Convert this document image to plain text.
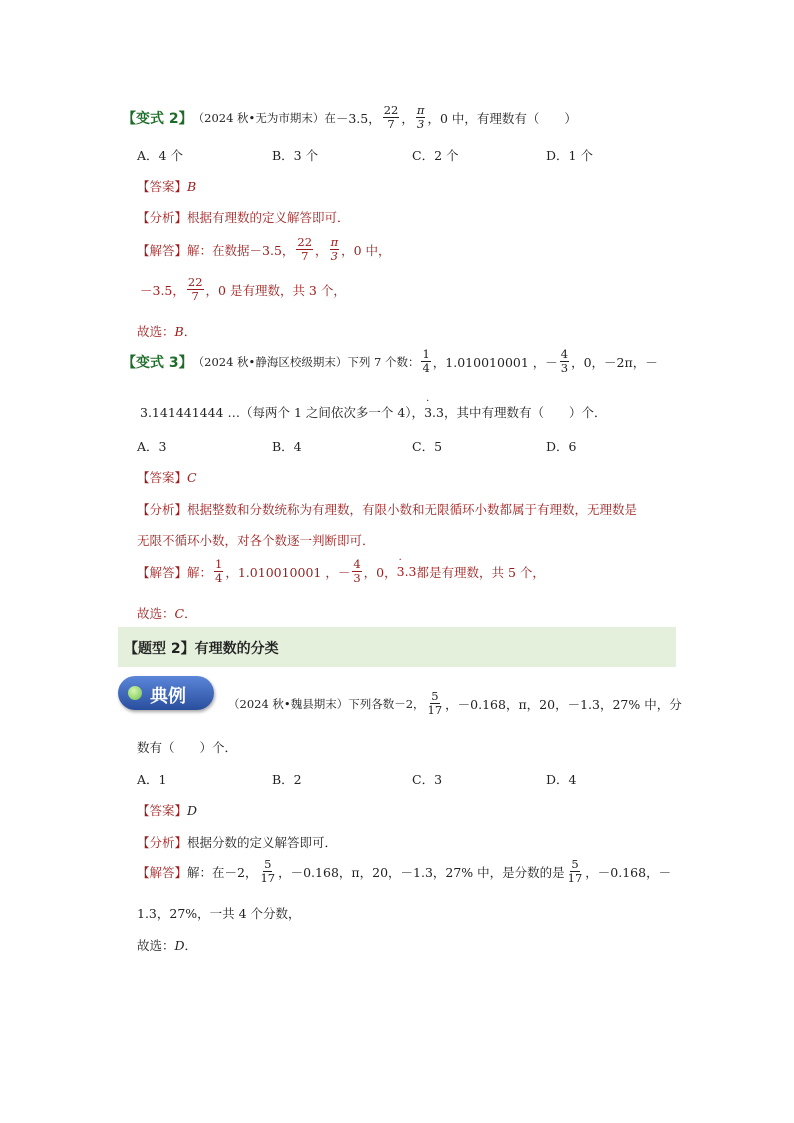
【变式 2】 （2024 秋•无为市期末）在 －3.5， $\frac{22}{7}$ ， $\frac{\pi}{3}$ ，0 中，有理数有（　　）
A．4 个	B．3 个	C．2 个	D．1 个
【答案】B
【分析】根据有理数的定义解答即可．
【解答】 解：在数据－3.5， $\frac{22}{7}$ ， $\frac{\pi}{3}$ ，0 中，
－3.5， $\frac{22}{7}$ ，0 是有理数，共 3 个，
故选：B．
【变式 3】 （2024 秋•静海区校级期末）下列 7 个数： $\frac{1}{4}$ ，1.010010001 ，－ $\frac{4}{3}$ ，0，－2π，－
3.141441444 …（每两个 1 之间依次多一个 4），· 3.3，其中有理数有（　　）个．
A．3	B．4	C．5	D．6
【答案】C
【分析】根据整数和分数统称为有理数，有限小数和无限循环小数都属于有理数，无理数是
无限不循环小数，对各个数逐一判断即可．
【解答】 解： $\frac{1}{4}$ ，1.010010001 ，－ $\frac{4}{3}$ ，0，
· 3.3 都是有理数，共 5 个，
故选：C．
【题型 2】有理数的分类
典例	（2024 秋•魏县期末）下列各数－2， $\frac{5}{17}$ ，－0.168，π，20，－1.3，27% 中，分
数有（　　）个．
A．1	B．2	C．3	D．4
【答案】D
【分析】根据分数的定义解答即可．
【解答】 解：在－2， $\frac{5}{17}$ ，－0.168，π，20，－1.3，27% 中，是分数的是 $\frac{5}{17}$ ，－0.168，－
1.3，27%，一共 4 个分数，
故选：D．
